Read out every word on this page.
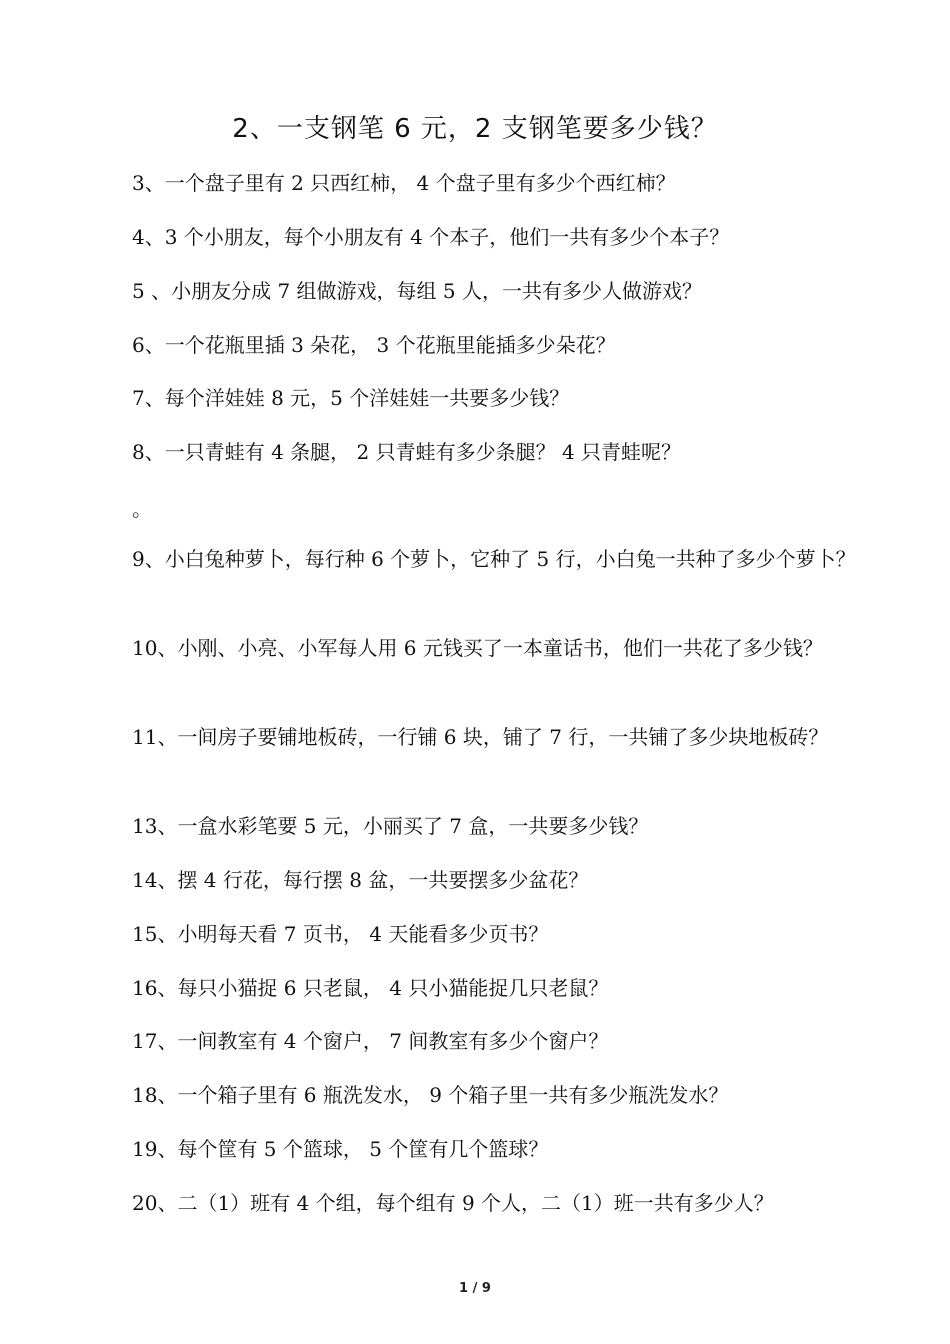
2、一支钢笔 6 元，2 支钢笔要多少钱？
3、一个盘子里有 2 只西红柿， 4 个盘子里有多少个西红柿？
4、3 个小朋友，每个小朋友有 4 个本子，他们一共有多少个本子？
5 、小朋友分成 7 组做游戏，每组 5 人，一共有多少人做游戏？
6、一个花瓶里插 3 朵花， 3 个花瓶里能插多少朵花？
7、每个洋娃娃 8 元，5 个洋娃娃一共要多少钱？
8、一只青蛙有 4 条腿， 2 只青蛙有多少条腿？ 4 只青蛙呢？
。
9、小白兔种萝卜，每行种 6 个萝卜，它种了 5 行，小白兔一共种了多少个萝卜？
10、小刚、小亮、小军每人用 6 元钱买了一本童话书，他们一共花了多少钱？
11、一间房子要铺地板砖，一行铺 6 块，铺了 7 行，一共铺了多少块地板砖？
13、一盒水彩笔要 5 元，小丽买了 7 盒，一共要多少钱？
14、摆 4 行花，每行摆 8 盆，一共要摆多少盆花？
15、小明每天看 7 页书， 4 天能看多少页书？
16、每只小猫捉 6 只老鼠， 4 只小猫能捉几只老鼠？
17、一间教室有 4 个窗户， 7 间教室有多少个窗户？
18、一个箱子里有 6 瓶洗发水， 9 个箱子里一共有多少瓶洗发水？
19、每个筐有 5 个篮球， 5 个筐有几个篮球？
20、二（1）班有 4 个组，每个组有 9 个人，二（1）班一共有多少人？
1 / 9
